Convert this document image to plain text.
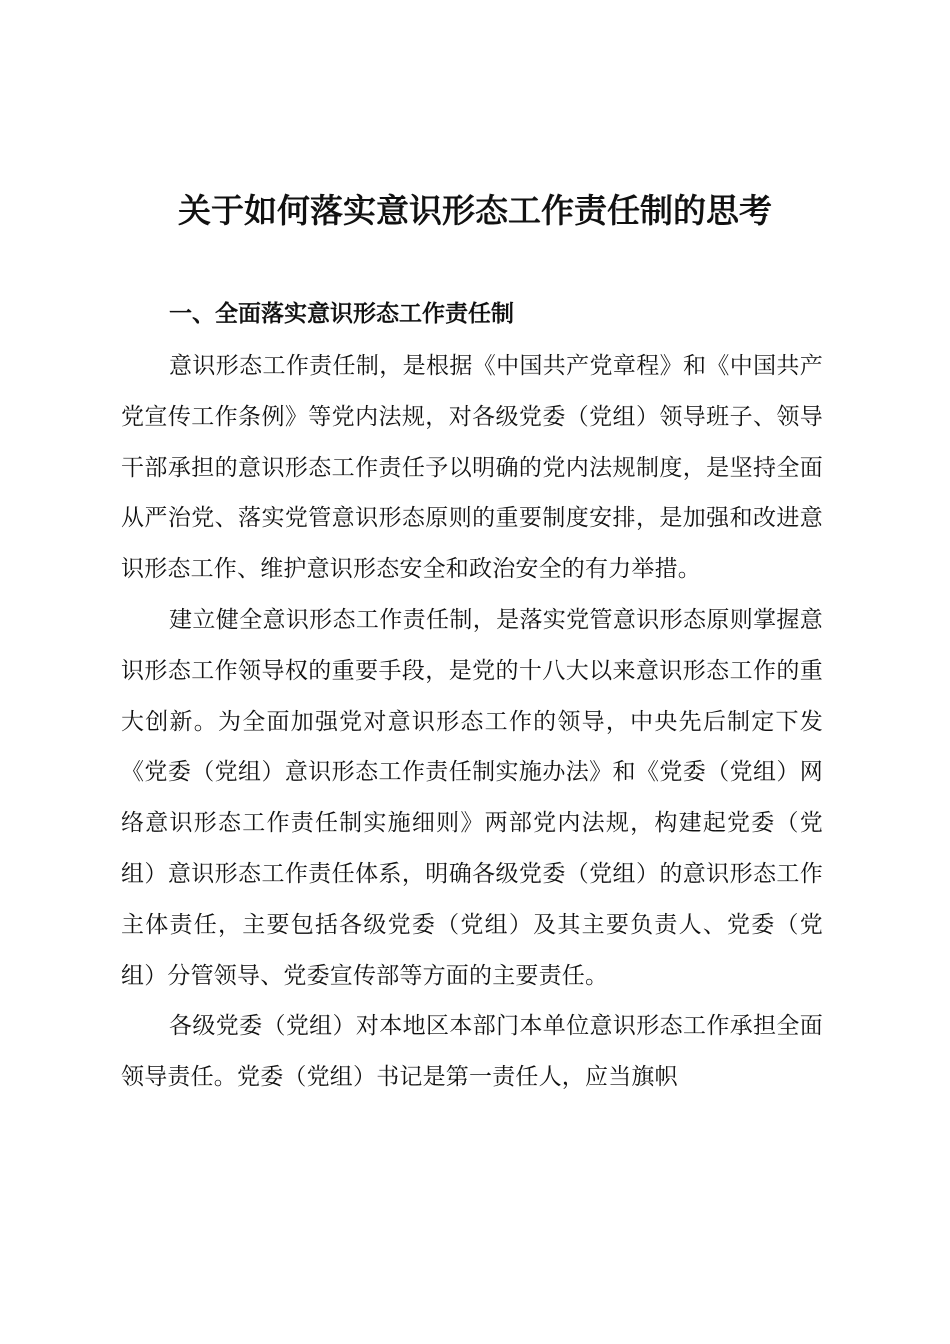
关于如何落实意识形态工作责任制的思考
一、全面落实意识形态工作责任制

意识形态工作责任制，是根据《中国共产党章程》和《中国共产党宣传工作条例》等党内法规，对各级党委（党组）领导班子、领导干部承担的意识形态工作责任予以明确的党内法规制度，是坚持全面从严治党、落实党管意识形态原则的重要制度安排，是加强和改进意识形态工作、维护意识形态安全和政治安全的有力举措。

建立健全意识形态工作责任制，是落实党管意识形态原则掌握意识形态工作领导权的重要手段，是党的十八大以来意识形态工作的重大创新。为全面加强党对意识形态工作的领导，中央先后制定下发《党委（党组）意识形态工作责任制实施办法》和《党委（党组）网络意识形态工作责任制实施细则》两部党内法规，构建起党委（党组）意识形态工作责任体系，明确各级党委（党组）的意识形态工作主体责任，主要包括各级党委（党组）及其主要负责人、党委（党组）分管领导、党委宣传部等方面的主要责任。

各级党委（党组）对本地区本部门本单位意识形态工作承担全面领导责任。党委（党组）书记是第一责任人，应当旗帜
